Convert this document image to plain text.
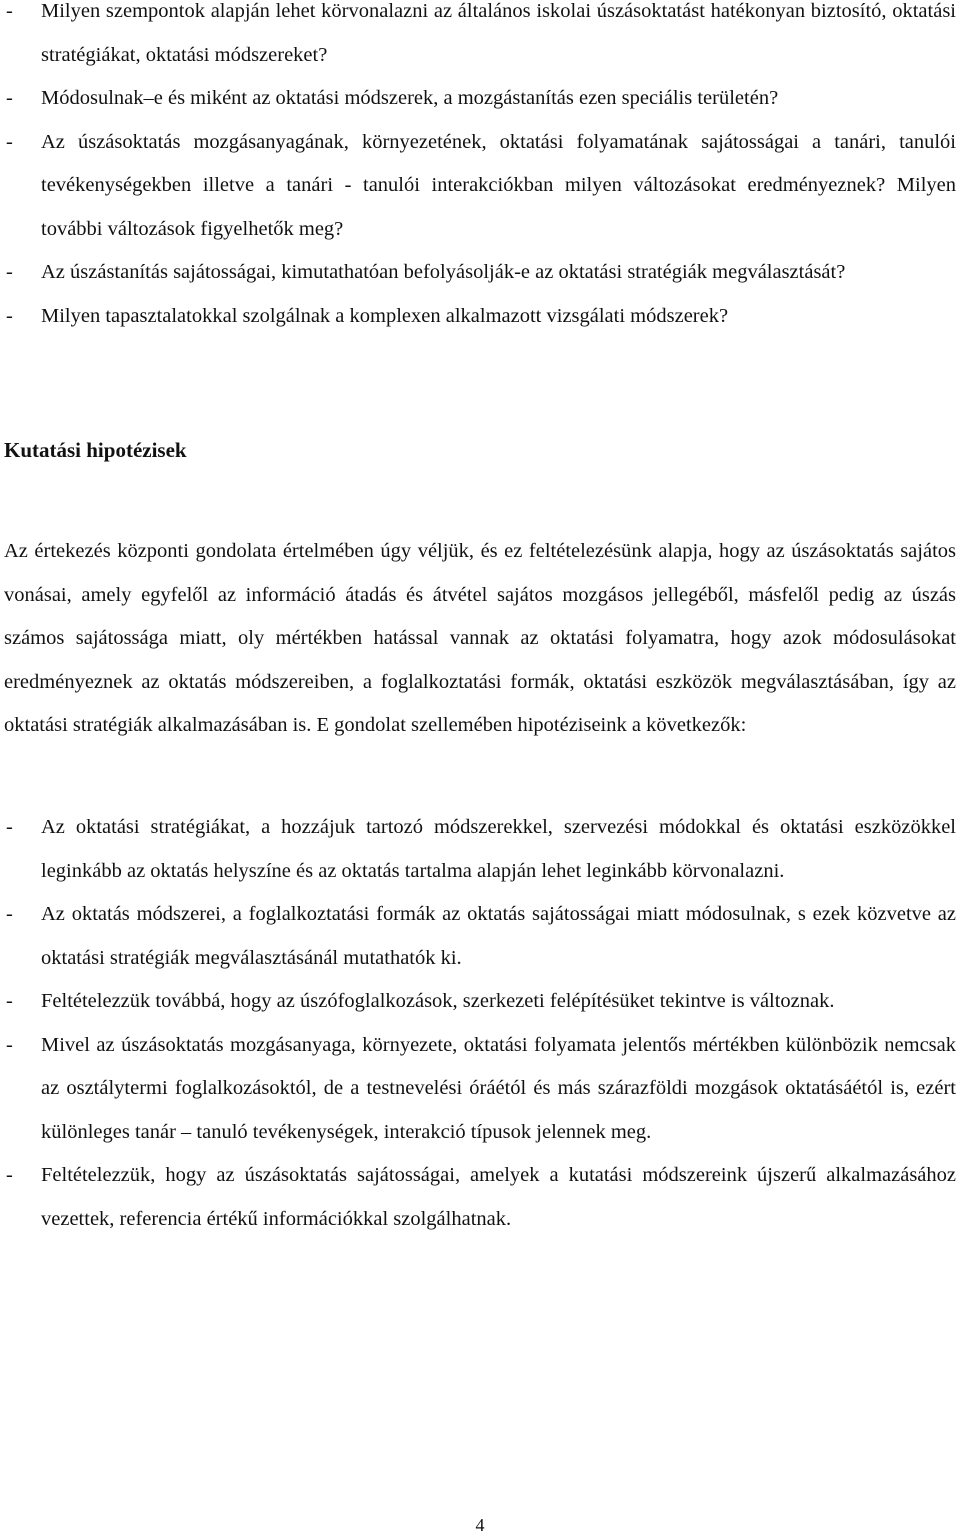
- Milyen szempontok alapján lehet körvonalazni az általános iskolai úszásoktatást hatékonyan biztosító, oktatási stratégiákat, oktatási módszereket?
- Módosulnak–e és miként az oktatási módszerek, a mozgástanítás ezen speciális területén?
- Az úszásoktatás mozgásanyagának, környezetének, oktatási folyamatának sajátosságai a tanári, tanulói tevékenységekben illetve a tanári - tanulói interakciókban milyen változásokat eredményeznek? Milyen további változások figyelhetők meg?
- Az úszástanítás sajátosságai, kimutathatóan befolyásolják-e az oktatási stratégiák megválasztását?
- Milyen tapasztalatokkal szolgálnak a komplexen alkalmazott vizsgálati módszerek?
Kutatási hipotézisek

Az értekezés központi gondolata értelmében úgy véljük, és ez feltételezésünk alapja, hogy az úszásoktatás sajátos vonásai, amely egyfelől az információ átadás és átvétel sajátos mozgásos jellegéből, másfelől pedig az úszás számos sajátossága miatt, oly mértékben hatással vannak az oktatási folyamatra, hogy azok módosulásokat eredményeznek az oktatás módszereiben, a foglalkoztatási formák, oktatási eszközök megválasztásában, így az oktatási stratégiák alkalmazásában is. E gondolat szellemében hipotéziseink a következők:

- Az oktatási stratégiákat, a hozzájuk tartozó módszerekkel, szervezési módokkal és oktatási eszközökkel leginkább az oktatás helyszíne és az oktatás tartalma alapján lehet leginkább körvonalazni.
- Az oktatás módszerei, a foglalkoztatási formák az oktatás sajátosságai miatt módosulnak, s ezek közvetve az oktatási stratégiák megválasztásánál mutathatók ki.
- Feltételezzük továbbá, hogy az úszófoglalkozások, szerkezeti felépítésüket tekintve is változnak.
- Mivel az úszásoktatás mozgásanyaga, környezete, oktatási folyamata jelentős mértékben különbözik nemcsak az osztálytermi foglalkozásoktól, de a testnevelési óráétól és más szárazföldi mozgások oktatásáétól is, ezért különleges tanár – tanuló tevékenységek, interakció típusok jelennek meg.
- Feltételezzük, hogy az úszásoktatás sajátosságai, amelyek a kutatási módszereink újszerű alkalmazásához vezettek, referencia értékű információkkal szolgálhatnak.
4
